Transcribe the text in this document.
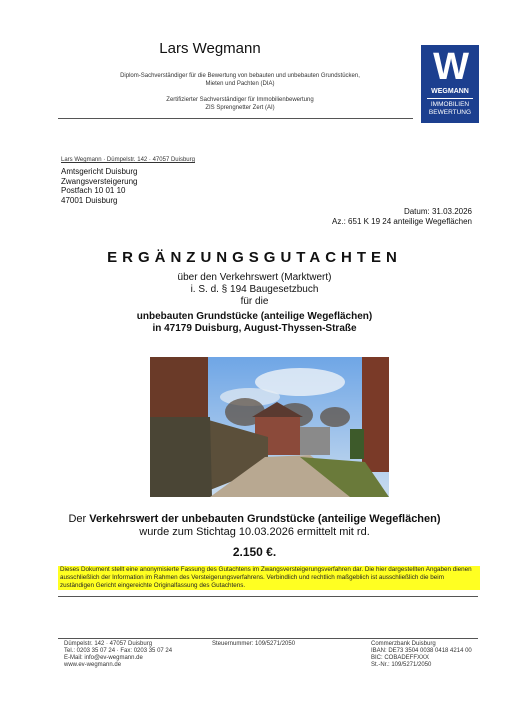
Lars Wegmann
Diplom-Sachverständiger für die Bewertung von bebauten und unbebauten Grundstücken,
Mieten und Pachten (DIA)
Zertifizierter Sachverständiger für Immobilienbewertung
ZIS Sprengnetter Zert (AI)
W
WEGMANN
IMMOBILIEN
BEWERTUNG
Lars Wegmann · Dümpelstr. 142 · 47057 Duisburg
Amtsgericht Duisburg
Zwangsversteigerung
Postfach 10 01 10
47001 Duisburg
Datum: 31.03.2026
Az.: 651 K 19 24 anteilige Wegeflächen
ERGÄNZUNGSGUTACHTEN
über den Verkehrswert (Marktwert)
i. S. d. § 194 Baugesetzbuch
für die
unbebauten Grundstücke (anteilige Wegeflächen)
in 47179 Duisburg, August-Thyssen-Straße
Der Verkehrswert der unbebauten Grundstücke (anteilige Wegeflächen)
wurde zum Stichtag 10.03.2026 ermittelt mit rd.
2.150 €.
Dieses Dokument stellt eine anonymisierte Fassung des Gutachtens im Zwangsversteigerungsverfahren dar. Die hier dargestellten Angaben dienen ausschließlich der Information im Rahmen des Versteigerungsverfahrens. Verbindlich und rechtlich maßgeblich ist ausschließlich die beim zuständigen Gericht eingereichte Originalfassung des Gutachtens.
Dümpelstr. 142 · 47057 Duisburg
Tel.: 0203 35 07 24 · Fax: 0203 35 07 24
E-Mail: info@ev-wegmann.de
www.ev-wegmann.de
Steuernummer: 109/5271/2050	Commerzbank Duisburg
IBAN: DE73 3504 0038 0418 4214 00
BIC: COBADEFFXXX
St.-Nr.: 109/5271/2050
